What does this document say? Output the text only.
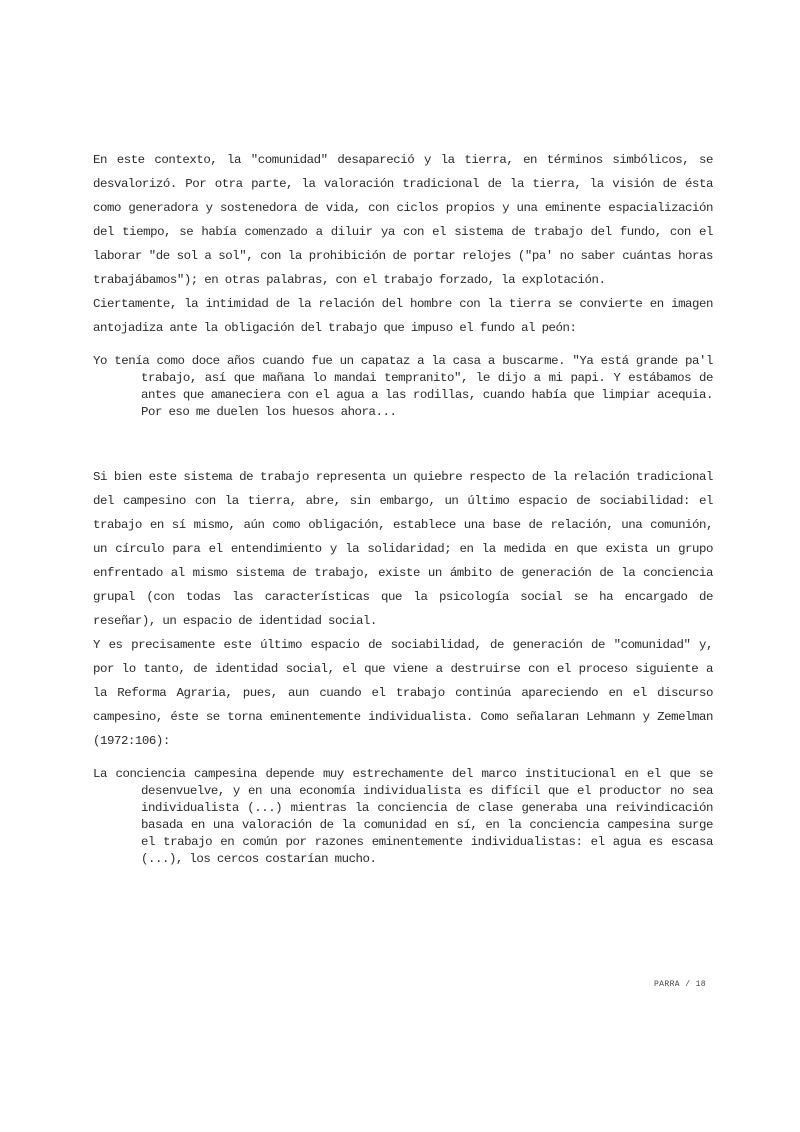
En este contexto, la "comunidad" desapareció y la tierra, en términos simbólicos, se desvalorizó. Por otra parte, la valoración tradicional de la tierra, la visión de ésta como generadora y sostenedora de vida, con ciclos propios y una eminente espacialización del tiempo, se había comenzado a diluir ya con el sistema de trabajo del fundo, con el laborar "de sol a sol", con la prohibición de portar relojes ("pa' no saber cuántas horas trabajábamos"); en otras palabras, con el trabajo forzado, la explotación.

Ciertamente, la intimidad de la relación del hombre con la tierra se convierte en imagen antojadiza ante la obligación del trabajo que impuso el fundo al peón:

Yo tenía como doce años cuando fue un capataz a la casa a buscarme. "Ya está grande pa'l trabajo, así que mañana lo mandai tempranito", le dijo a mi papi. Y estábamos de antes que amaneciera con el agua a las rodillas, cuando había que limpiar acequia. Por eso me duelen los huesos ahora...

Si bien este sistema de trabajo representa un quiebre respecto de la relación tradicional del campesino con la tierra, abre, sin embargo, un último espacio de sociabilidad: el trabajo en sí mismo, aún como obligación, establece una base de relación, una comunión, un círculo para el entendimiento y la solidaridad; en la medida en que exista un grupo enfrentado al mismo sistema de trabajo, existe un ámbito de generación de la conciencia grupal (con todas las características que la psicología social se ha encargado de reseñar), un espacio de identidad social.

Y es precisamente este último espacio de sociabilidad, de generación de "comunidad" y, por lo tanto, de identidad social, el que viene a destruirse con el proceso siguiente a la Reforma Agraria, pues, aun cuando el trabajo continúa apareciendo en el discurso campesino, éste se torna eminentemente individualista. Como señalaran Lehmann y Zemelman (1972:106):

La conciencia campesina depende muy estrechamente del marco institucional en el que se desenvuelve, y en una economía individualista es difícil que el productor no sea individualista (...) mientras la conciencia de clase generaba una reivindicación basada en una valoración de la comunidad en sí, en la conciencia campesina surge el trabajo en común por razones eminentemente individualistas: el agua es escasa (...), los cercos costarían mucho.

PARRA / 18
